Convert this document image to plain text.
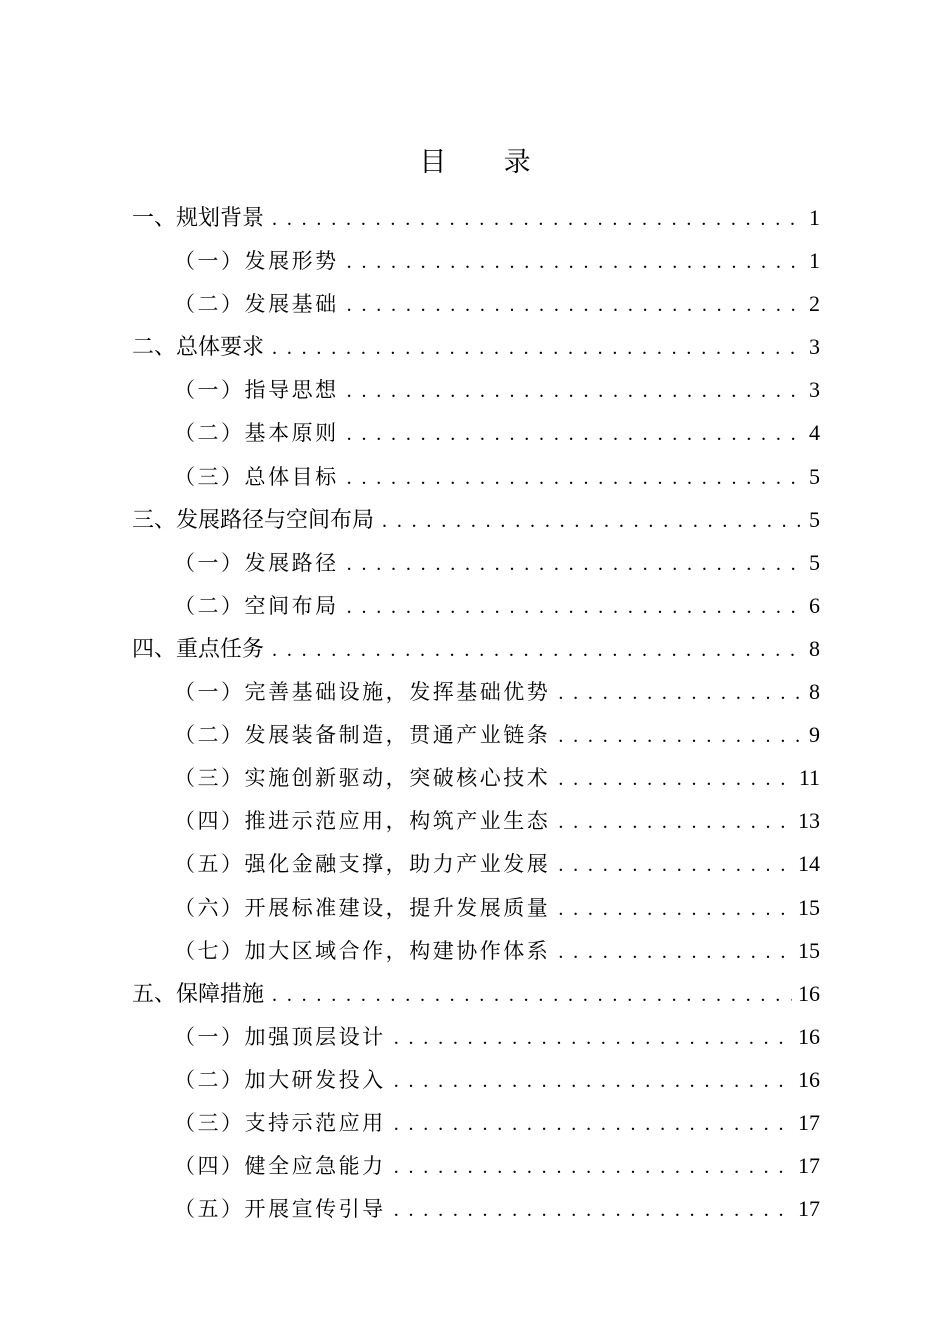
目 录
一、规划背景 . . .	1
（一）发展形势 . . .	1
（二）发展基础 . . .	2
二、总体要求 . . .	3
（一）指导思想 . . .	3
（二）基本原则 . . .	4
（三）总体目标 . . .	5
三、发展路径与空间布局 . . .	5
（一）发展路径 . . .	5
（二）空间布局 . . .	6
四、重点任务 . . .	8
（一）完善基础设施，发挥基础优势 . . .	8
（二）发展装备制造，贯通产业链条 . . .	9
（三）实施创新驱动，突破核心技术 . . .	11
（四）推进示范应用，构筑产业生态 . . .	13
（五）强化金融支撑，助力产业发展 . . .	14
（六）开展标准建设，提升发展质量 . . .	15
（七）加大区域合作，构建协作体系 . . .	15
五、保障措施 . . .	16
（一）加强顶层设计 . . .	16
（二）加大研发投入 . . .	16
（三）支持示范应用 . . .	17
（四）健全应急能力 . . .	17
（五）开展宣传引导 . . .	17
